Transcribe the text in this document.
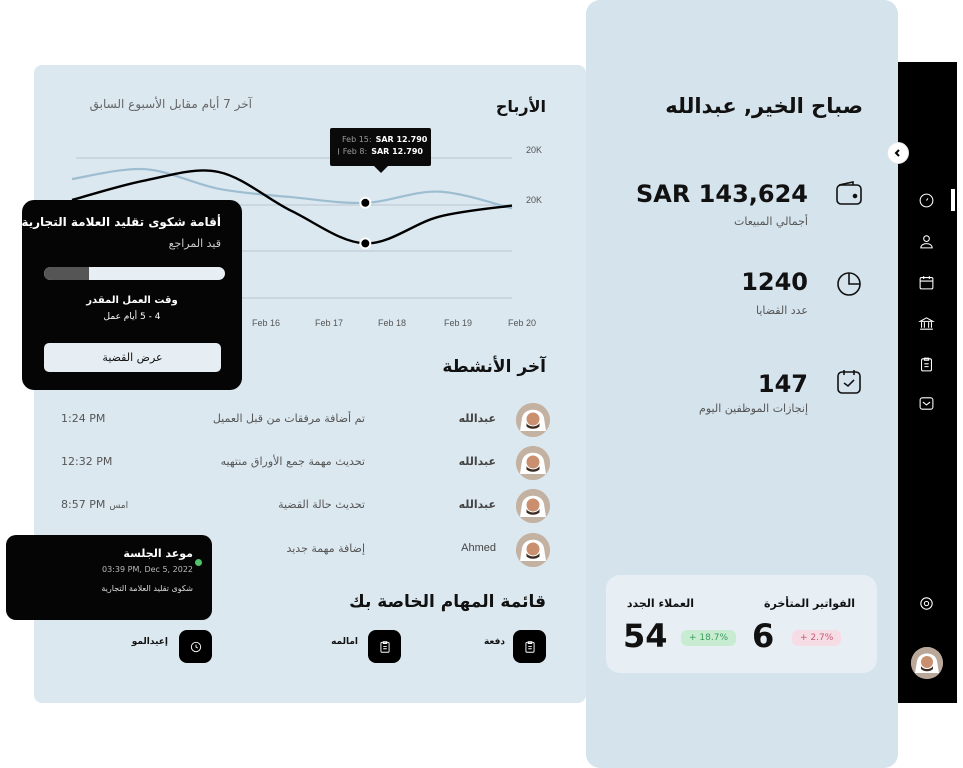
صباح الخير, عبدالله
SAR 143,624
أجمالي المبيعات
1240
عدد القضايا
147
إنجازات الموظفين اليوم
الفواتير المتأخرة
6	+ 2.7%
العملاء الجدد
54	+ 18.7%
الأرباح
آخر 7 أيام مقابل الأسبوع السابق
20K
20K
Feb 16	Feb 17	Feb 18	Feb 19	Feb 20
Feb 15: SAR 12.790
Feb 8: SAR 12.790
آخر الأنشطة
عبدالله
تم أضافة مرفقات من قبل العميل
1:24 PM
عبدالله
تحديث مهمة جمع الأوراق منتهيه
12:32 PM
عبدالله
تحديث حالة القضية
8:57 PM امس
Ahmed
إضافة مهمة جديد
قائمة المهام الخاصة بك
دفعة
امالمه
إعيدالمو
أقامة شكوى تقليد العلامة التجارية
قيد المراجع
وقت العمل المقدر
4 - 5 أيام عمل
عرض القضية
موعد الجلسة
03:39 PM, Dec 5, 2022
شكوى تقليد العلامة التجارية
